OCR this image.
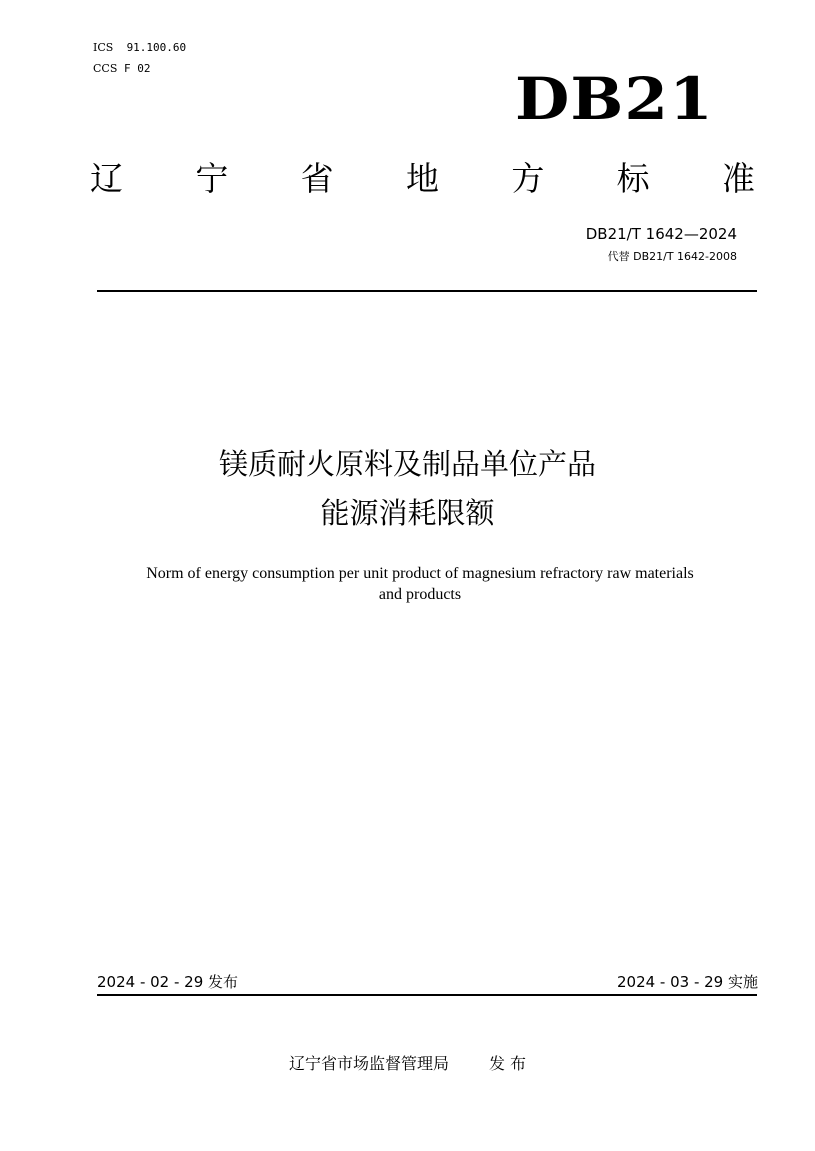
ICS 91.100.60
CCS F 02	DB21
辽 宁 省 地 方 标 准
DB21/T 1642—2024
代替 DB21/T 1642-2008
镁质耐火原料及制品单位产品
能源消耗限额
Norm of energy consumption per unit product of magnesium refractory raw materials
and products
2024 - 02 - 29 发布	2024 - 03 - 29 实施
辽宁省市场监督管理局	发 布
